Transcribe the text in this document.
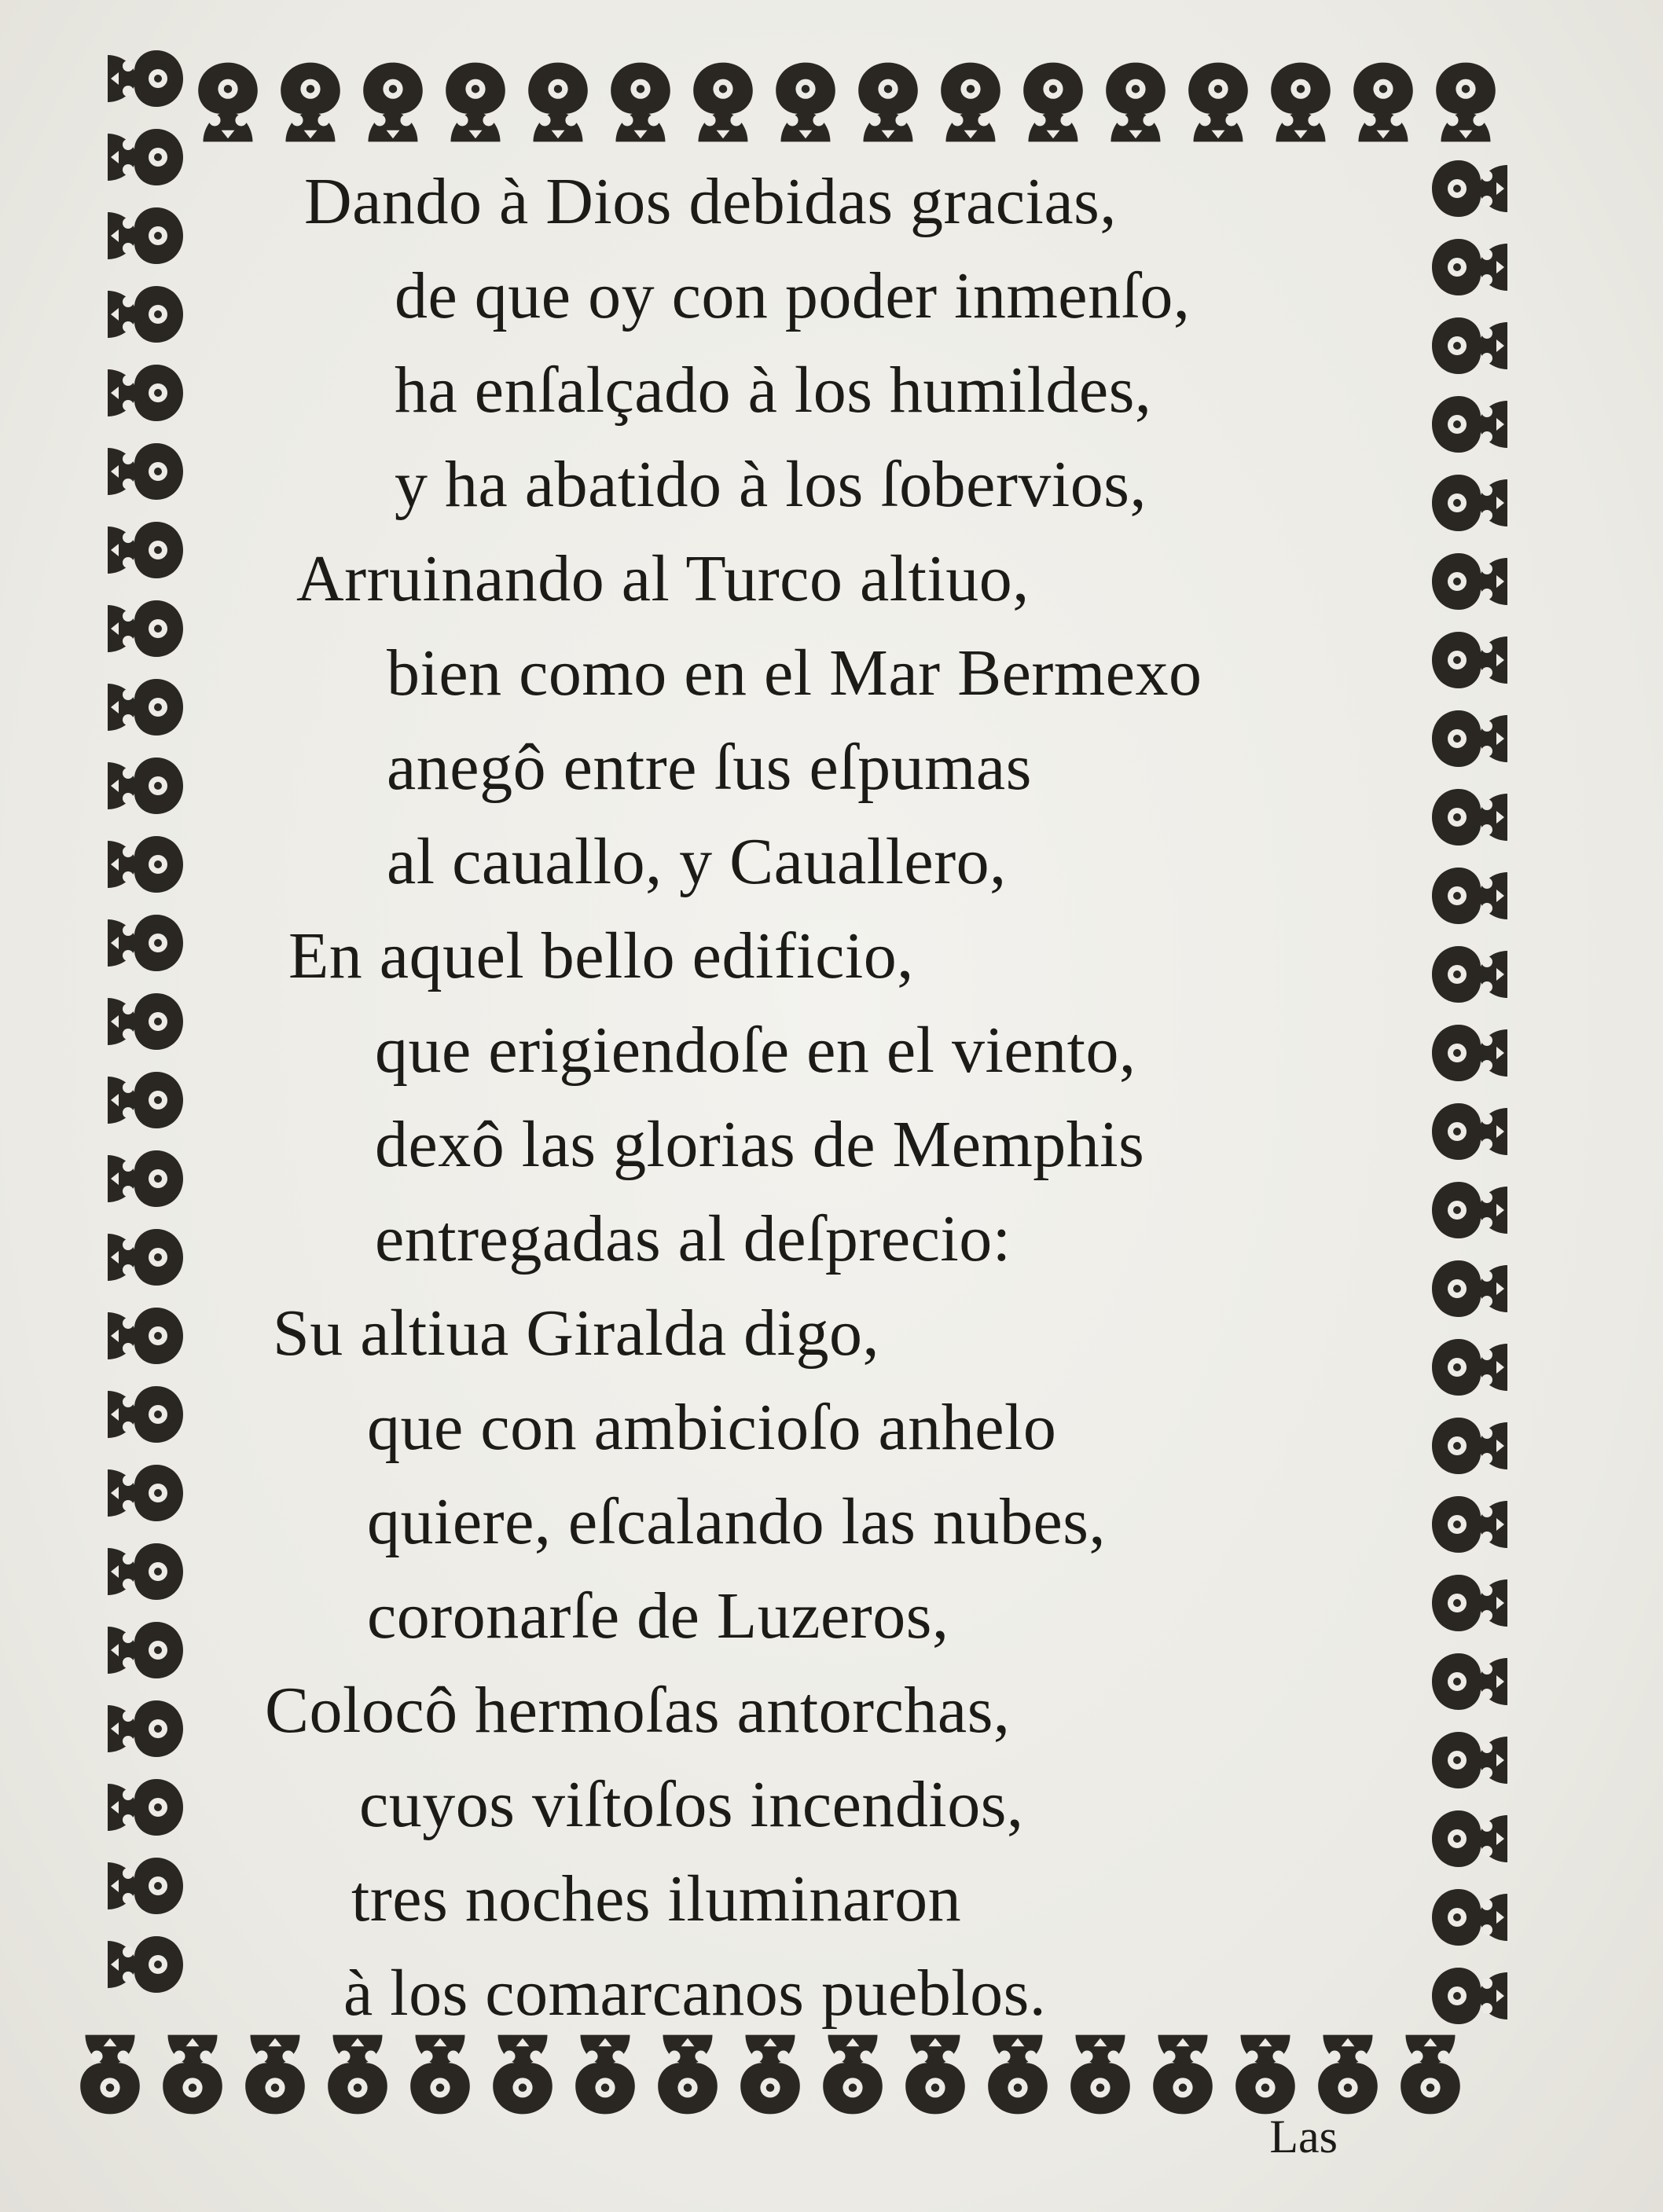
Dando à Dios debidas gracias,
de que oy con poder inmenſo,
ha enſalçado à los humildes,
y ha abatido à los ſobervios,
Arruinando al Turco altiuo,
bien como en el Mar Bermexo
anegô entre ſus eſpumas
al cauallo, y Cauallero,
En aquel bello edificio,
que erigiendoſe en el viento,
dexô las glorias de Memphis
entregadas al deſprecio:
Su altiua Giralda digo,
que con ambicioſo anhelo
quiere, eſcalando las nubes,
coronarſe de Luzeros,
Colocô hermoſas antorchas,
cuyos viſtoſos incendios,
tres noches iluminaron
à los comarcanos pueblos.
Las
